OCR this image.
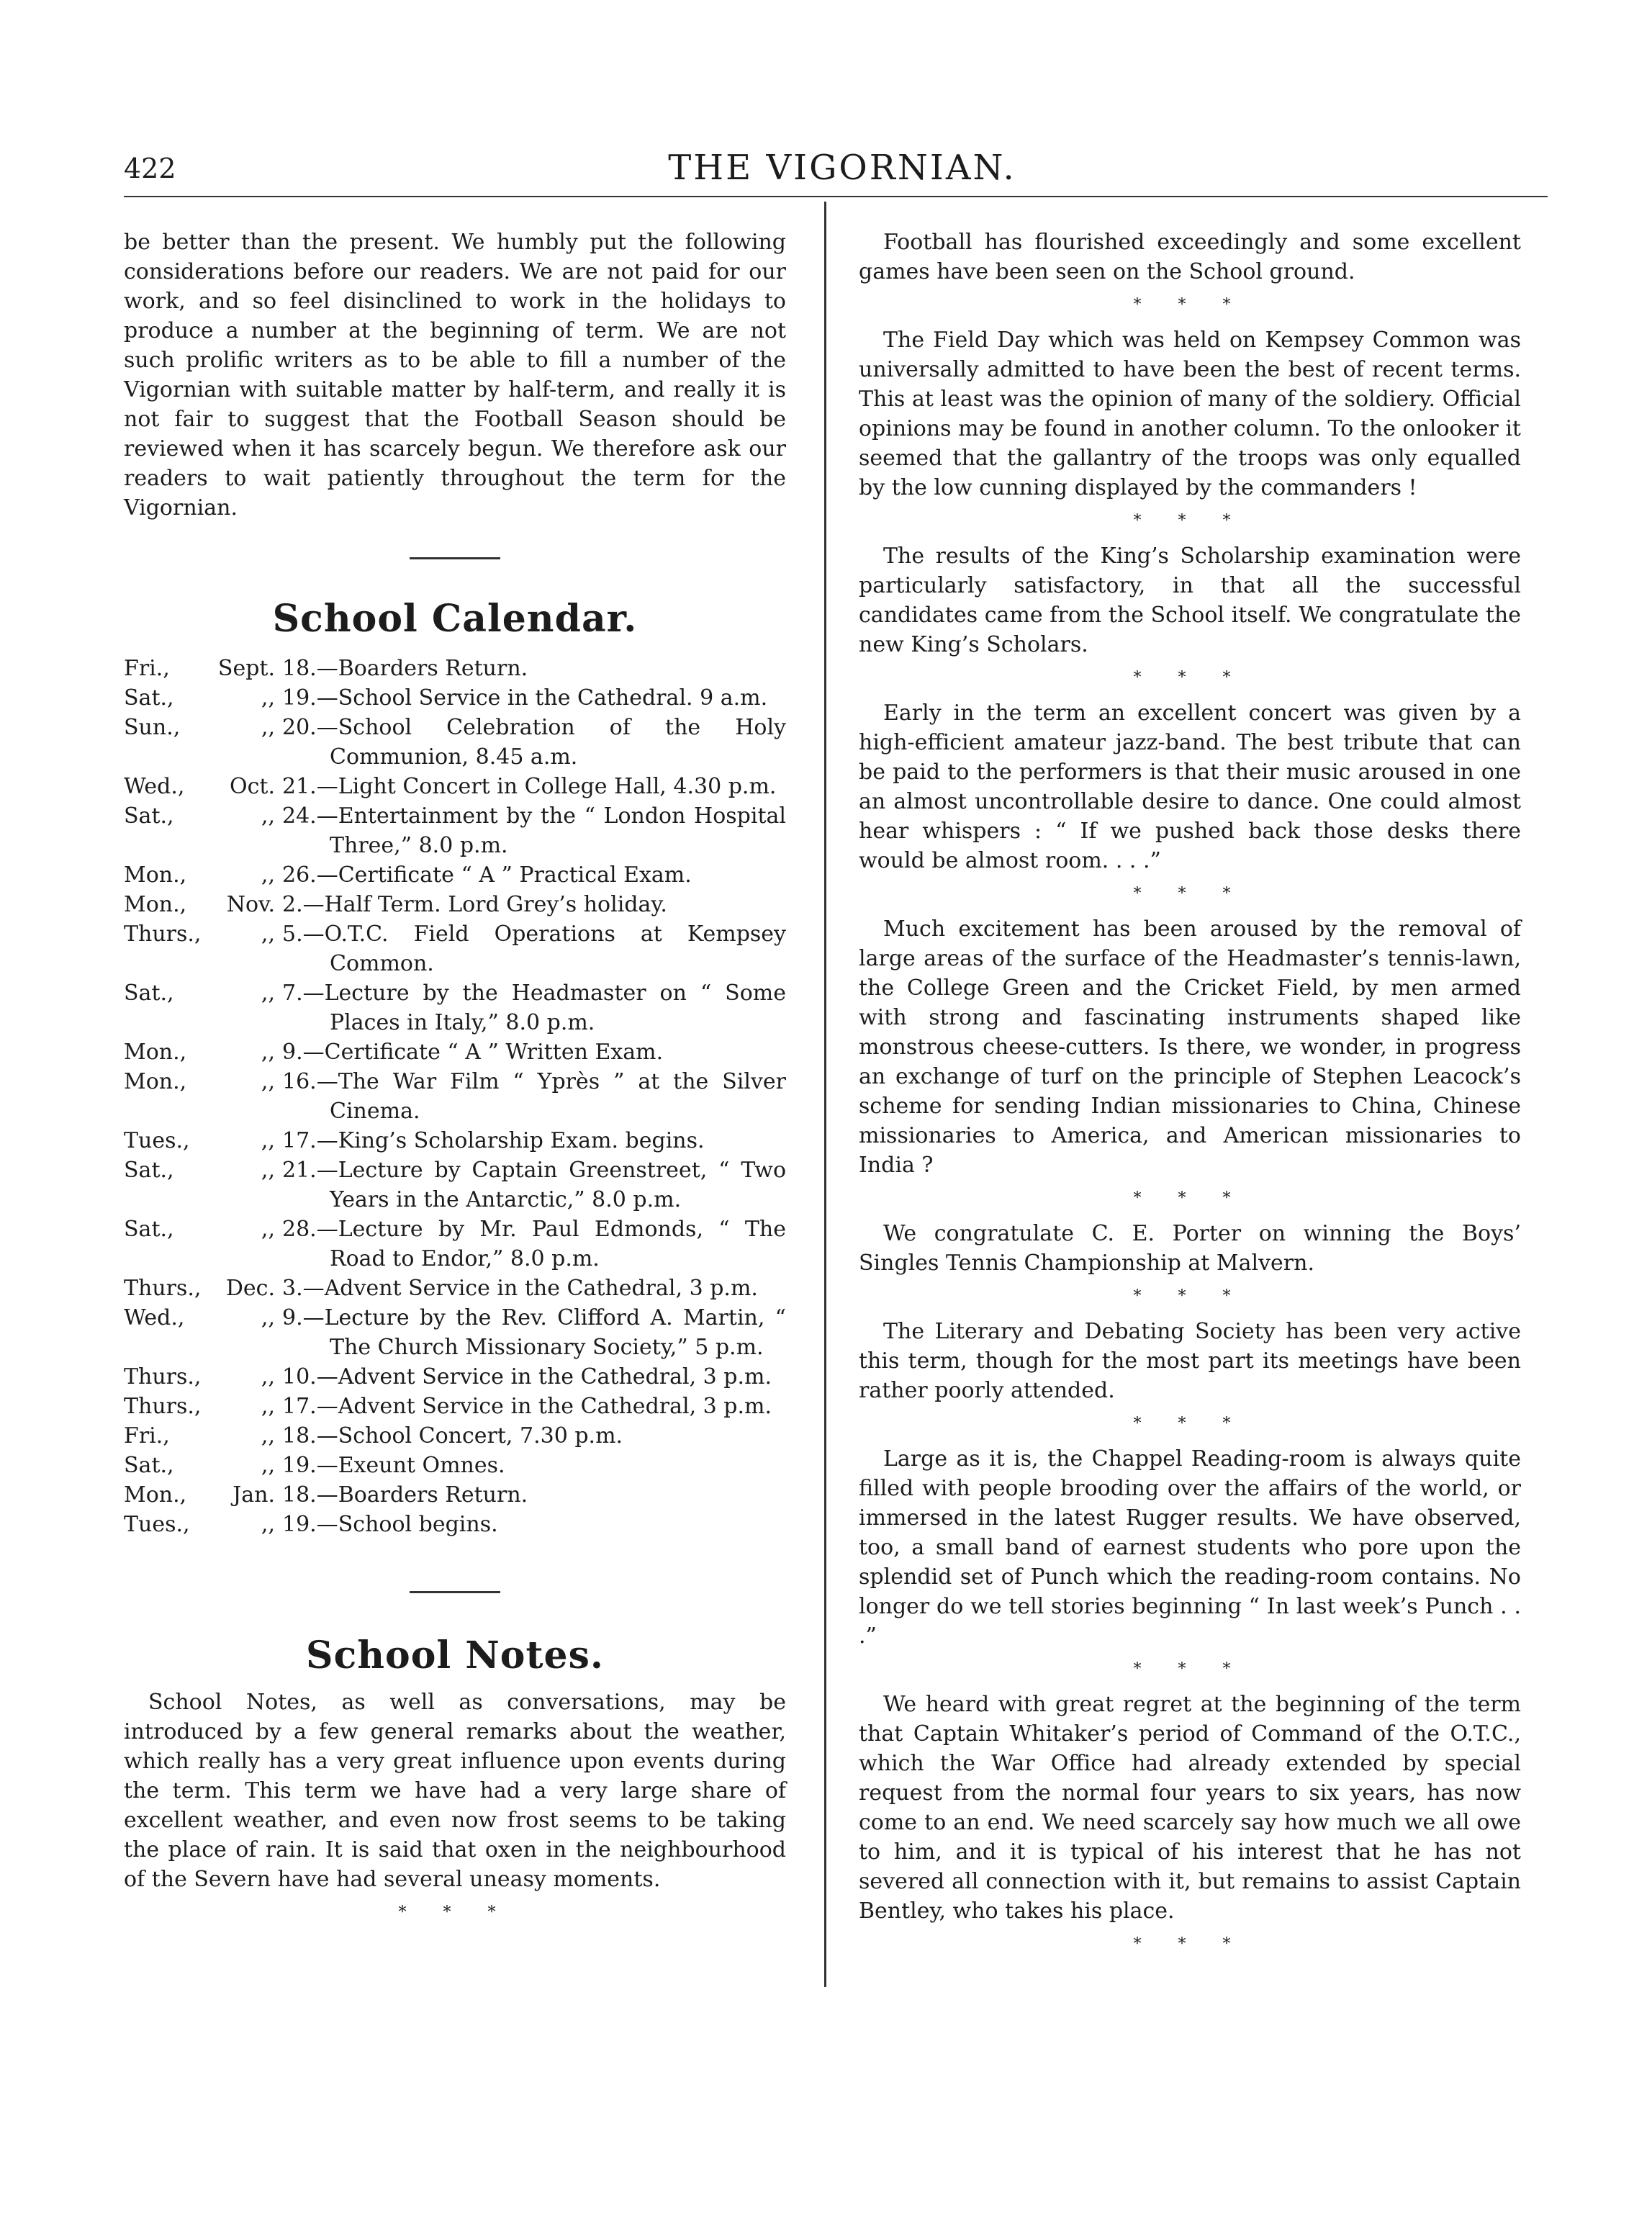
422	THE VIGORNIAN.

be better than the present. We humbly put the following considerations before our readers. We are not paid for our work, and so feel disinclined to work in the holidays to produce a number at the beginning of term. We are not such prolific writers as to be able to fill a number of the Vigornian with suitable matter by half-term, and really it is not fair to suggest that the Football Season should be reviewed when it has scarcely begun. We therefore ask our readers to wait patiently throughout the term for the Vigornian.

School Calendar.
Fri.,	Sept.	18.—Boarders Return.

Sat.,	,,	19.—School Service in the Cathedral. 9 a.m.

Sun.,	,,	20.—School Celebration of the Holy Communion, 8.45 a.m.

Wed.,	Oct.	21.—Light Concert in College Hall, 4.30 p.m.

Sat.,	,,	24.—Entertainment by the “ London Hospital Three,” 8.0 p.m.

Mon.,	,,	26.—Certificate “ A ” Practical Exam.

Mon.,	Nov.	2.—Half Term. Lord Grey’s holiday.

Thurs.,	,,	5.—O.T.C. Field Operations at Kempsey Common.

Sat.,	,,	7.—Lecture by the Headmaster on “ Some Places in Italy,” 8.0 p.m.

Mon.,	,,	9.—Certificate “ A ” Written Exam.

Mon.,	,,	16.—The War Film “ Yprès ” at the Silver Cinema.

Tues.,	,,	17.—King’s Scholarship Exam. begins.

Sat.,	,,	21.—Lecture by Captain Greenstreet, “ Two Years in the Antarctic,” 8.0 p.m.

Sat.,	,,	28.—Lecture by Mr. Paul Edmonds, “ The Road to Endor,” 8.0 p.m.

Thurs.,	Dec.	3.—Advent Service in the Cathedral, 3 p.m.

Wed.,	,,	9.—Lecture by the Rev. Clifford A. Martin, “ The Church Missionary Society,” 5 p.m.

Thurs.,	,,	10.—Advent Service in the Cathedral, 3 p.m.

Thurs.,	,,	17.—Advent Service in the Cathedral, 3 p.m.

Fri.,	,,	18.—School Concert, 7.30 p.m.

Sat.,	,,	19.—Exeunt Omnes.

Mon.,	Jan.	18.—Boarders Return.

Tues.,	,,	19.—School begins.
School Notes.

School Notes, as well as conversations, may be introduced by a few general remarks about the weather, which really has a very great influence upon events during the term. This term we have had a very large share of excellent weather, and even now frost seems to be taking the place of rain. It is said that oxen in the neighbourhood of the Severn have had several uneasy moments.

* * *

Football has flourished exceedingly and some excellent games have been seen on the School ground.

* * *

The Field Day which was held on Kempsey Common was universally admitted to have been the best of recent terms. This at least was the opinion of many of the soldiery. Official opinions may be found in another column. To the onlooker it seemed that the gallantry of the troops was only equalled by the low cunning displayed by the commanders !

* * *

The results of the King’s Scholarship examination were particularly satisfactory, in that all the successful candidates came from the School itself. We congratulate the new King’s Scholars.

* * *

Early in the term an excellent concert was given by a high-efficient amateur jazz-band. The best tribute that can be paid to the performers is that their music aroused in one an almost uncontrollable desire to dance. One could almost hear whispers : “ If we pushed back those desks there would be almost room. . . .”

* * *

Much excitement has been aroused by the removal of large areas of the surface of the Headmaster’s tennis-lawn, the College Green and the Cricket Field, by men armed with strong and fascinating instruments shaped like monstrous cheese-cutters. Is there, we wonder, in progress an exchange of turf on the principle of Stephen Leacock’s scheme for sending Indian missionaries to China, Chinese missionaries to America, and American missionaries to India ?

* * *

We congratulate C. E. Porter on winning the Boys’ Singles Tennis Championship at Malvern.

* * *

The Literary and Debating Society has been very active this term, though for the most part its meetings have been rather poorly attended.

* * *

Large as it is, the Chappel Reading-room is always quite filled with people brooding over the affairs of the world, or immersed in the latest Rugger results. We have observed, too, a small band of earnest students who pore upon the splendid set of Punch which the reading-room contains. No longer do we tell stories beginning “ In last week’s Punch . . .”

* * *

We heard with great regret at the beginning of the term that Captain Whitaker’s period of Command of the O.T.C., which the War Office had already extended by special request from the normal four years to six years, has now come to an end. We need scarcely say how much we all owe to him, and it is typical of his interest that he has not severed all connection with it, but remains to assist Captain Bentley, who takes his place.

* * *
